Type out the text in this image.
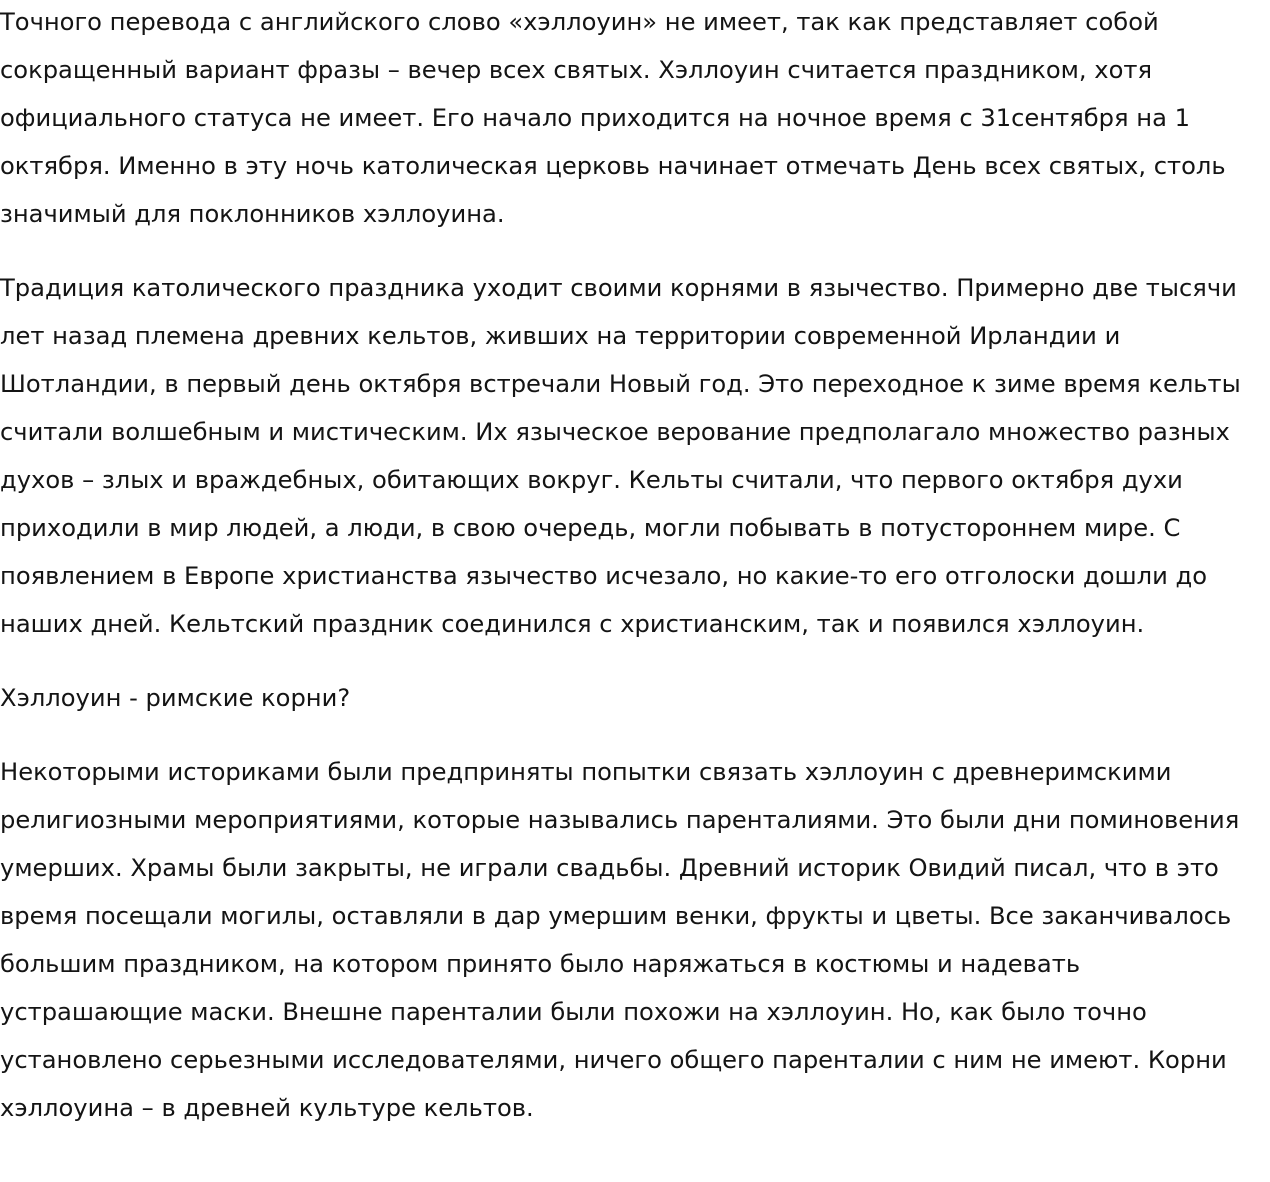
Точного перевода с английского слово «хэллоуин» не имеет, так как представляет собой сокращенный вариант фразы – вечер всех святых. Хэллоуин считается праздником, хотя официального статуса не имеет. Его начало приходится на ночное время с 31сентября на 1 октября. Именно в эту ночь католическая церковь начинает отмечать День всех святых, столь значимый для поклонников хэллоуина.

Традиция католического праздника уходит своими корнями в язычество. Примерно две тысячи лет назад племена древних кельтов, живших на территории современной Ирландии и Шотландии, в первый день октября встречали Новый год. Это переходное к зиме время кельты считали волшебным и мистическим. Их языческое верование предполагало множество разных духов – злых и враждебных, обитающих вокруг. Кельты считали, что первого октября духи приходили в мир людей, а люди, в свою очередь, могли побывать в потустороннем мире. С появлением в Европе христианства язычество исчезало, но какие-то его отголоски дошли до наших дней. Кельтский праздник соединился с христианским, так и появился хэллоуин.

Хэллоуин - римские корни?

Некоторыми историками были предприняты попытки связать хэллоуин с древнеримскими религиозными мероприятиями, которые назывались пaренталиями. Это были дни поминовения умерших. Храмы были закрыты, не играли свадьбы. Древний историк Овидий писал, что в это время посещали могилы, оставляли в дар умершим венки, фрукты и цветы. Все заканчивалось большим праздником, на котором принято было наряжаться в костюмы и надевать устрашающие маски. Внешне паренталии были похожи на хэллоуин. Но, как было точно установлено серьезными исследователями, ничего общего паренталии с ним не имеют. Корни хэллоуина – в древней культуре кельтов.
